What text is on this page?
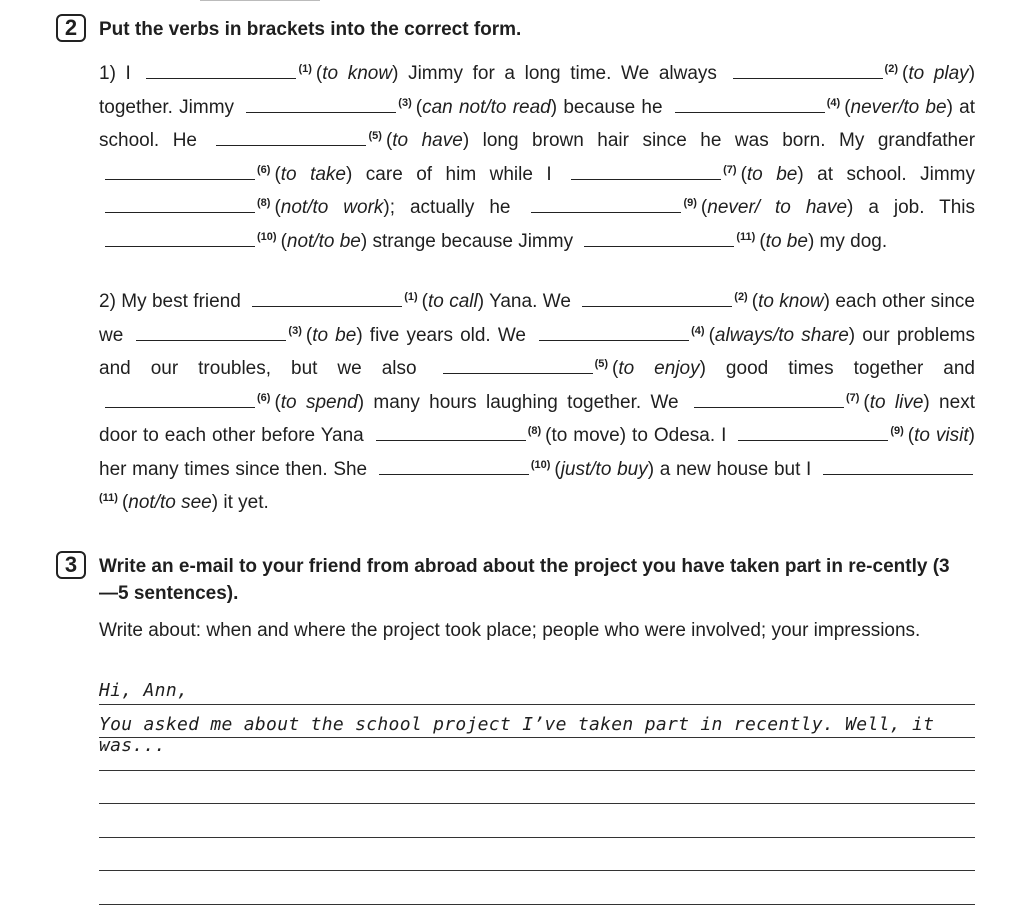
2	Put the verbs in brackets into the correct form.
1) I	$^{(1)}$ (to know) Jimmy for a long time. We always	$^{(2)}$ (to play) together. Jimmy	$^{(3)}$ (can not/to read) because he	$^{(4)}$ (never/to be) at school. He	$^{(5)}$ (to have) long brown hair since he was born. My grandfather $^{(6)}$ (to take) care of him while I	$^{(7)}$ (to be) at school. Jimmy $^{(8)}$ (not/to work); actually he	$^{(9)}$ (never/ to have) a job. This $^{(10)}$ (not/to be) strange because Jimmy	$^{(11)}$ (to be) my dog.
2) My best friend	$^{(1)}$ (to call) Yana. We	$^{(2)}$ (to know) each other since we	$^{(3)}$ (to be) five years old. We	$^{(4)}$ (always/to share) our problems and our troubles, but we also	$^{(5)}$ (to enjoy) good times together and $^{(6)}$ (to spend) many hours laughing together. We	$^{(7)}$ (to live) next door to each other before Yana	$^{(8)}$ (to move) to Odesa. I	$^{(9)}$ (to visit) her many times since then. She	$^{(10)}$ (just/to buy) a new house but I $^{(11)}$ (not/to see) it yet.
3	Write an e-mail to your friend from abroad about the project you have taken part in re-cently (3—5 sentences).
Write about: when and where the project took place; people who were involved; your impressions.
Hi, Ann,
You asked me about the school project I’ve taken part in recently. Well, it was...
